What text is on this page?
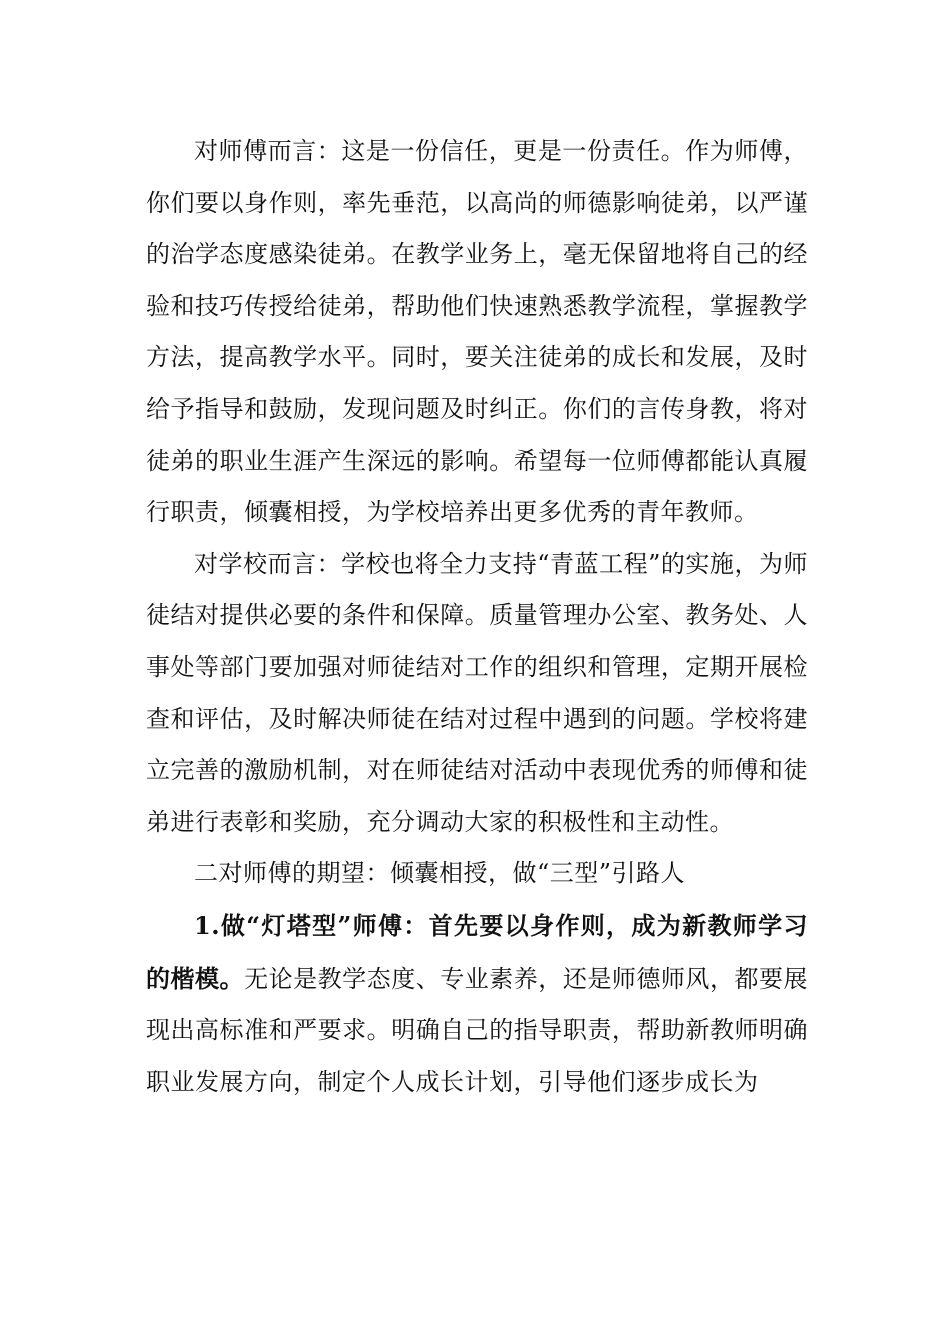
对师傅而言：这是一份信任，更是一份责任。作为师傅，你们要以身作则，率先垂范，以高尚的师德影响徒弟，以严谨的治学态度感染徒弟。在教学业务上，毫无保留地将自己的经验和技巧传授给徒弟，帮助他们快速熟悉教学流程，掌握教学方法，提高教学水平。同时，要关注徒弟的成长和发展，及时给予指导和鼓励，发现问题及时纠正。你们的言传身教，将对徒弟的职业生涯产生深远的影响。希望每一位师傅都能认真履行职责，倾囊相授，为学校培养出更多优秀的青年教师。

对学校而言：学校也将全力支持“青蓝工程”的实施，为师徒结对提供必要的条件和保障。质量管理办公室、教务处、人事处等部门要加强对师徒结对工作的组织和管理，定期开展检查和评估，及时解决师徒在结对过程中遇到的问题。学校将建立完善的激励机制，对在师徒结对活动中表现优秀的师傅和徒弟进行表彰和奖励，充分调动大家的积极性和主动性。

二对师傅的期望：倾囊相授，做“三型”引路人

1.做“灯塔型”师傅：首先要以身作则，成为新教师学习的楷模。无论是教学态度、专业素养，还是师德师风，都要展现出高标准和严要求。明确自己的指导职责，帮助新教师明确职业发展方向，制定个人成长计划，引导他们逐步成长为
